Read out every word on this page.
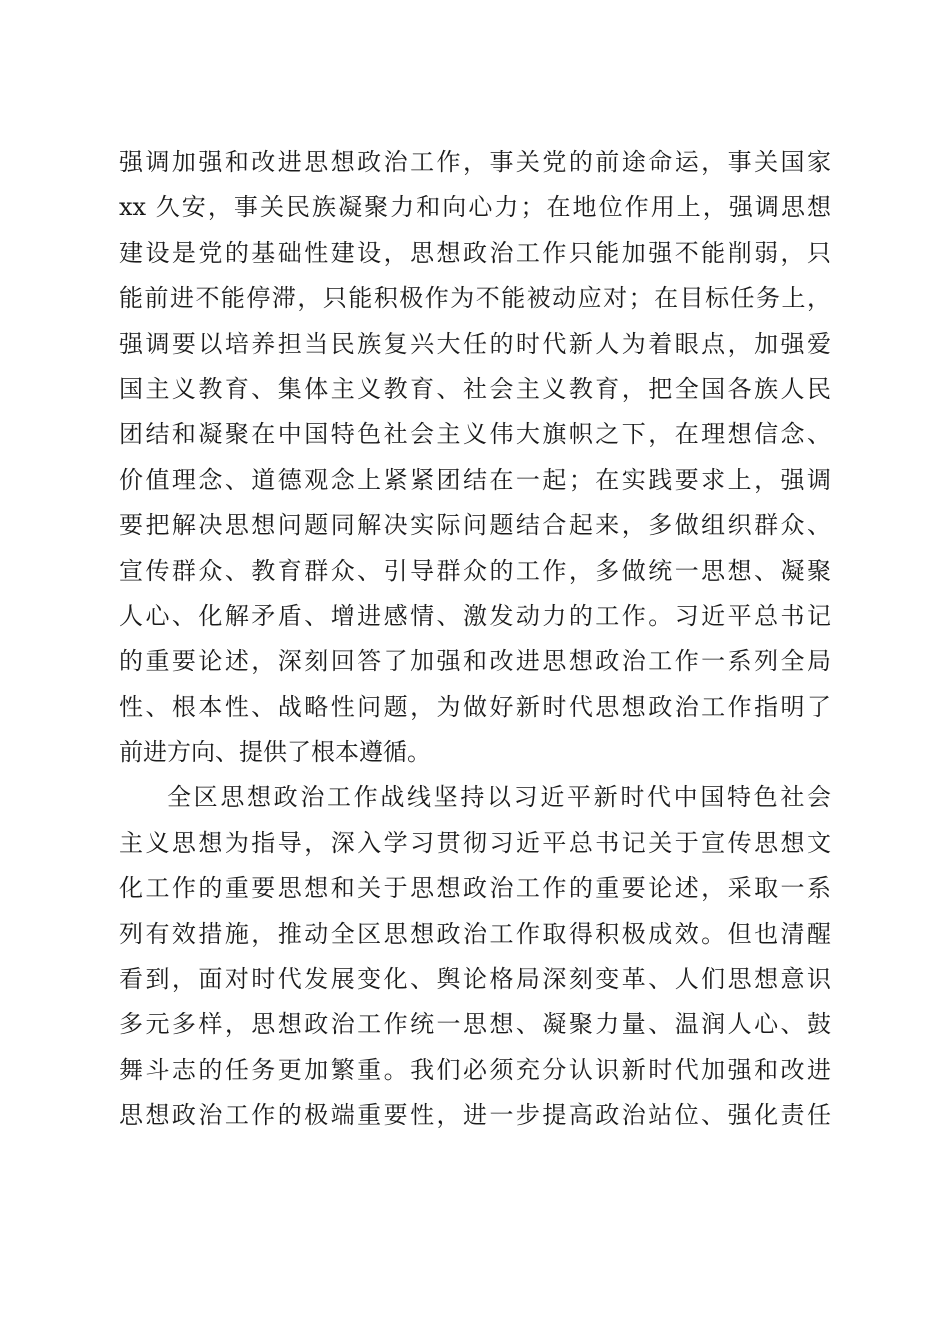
强调加强和改进思想政治工作，事关党的前途命运，事关国家
xx 久安，事关民族凝聚力和向心力；在地位作用上，强调思想
建设是党的基础性建设，思想政治工作只能加强不能削弱，只
能前进不能停滞，只能积极作为不能被动应对；在目标任务上，
强调要以培养担当民族复兴大任的时代新人为着眼点，加强爱
国主义教育、集体主义教育、社会主义教育，把全国各族人民
团结和凝聚在中国特色社会主义伟大旗帜之下，在理想信念、
价值理念、道德观念上紧紧团结在一起；在实践要求上，强调
要把解决思想问题同解决实际问题结合起来，多做组织群众、
宣传群众、教育群众、引导群众的工作，多做统一思想、凝聚
人心、化解矛盾、增进感情、激发动力的工作。习近平总书记
的重要论述，深刻回答了加强和改进思想政治工作一系列全局
性、根本性、战略性问题，为做好新时代思想政治工作指明了
前进方向、提供了根本遵循。
全区思想政治工作战线坚持以习近平新时代中国特色社会
主义思想为指导，深入学习贯彻习近平总书记关于宣传思想文
化工作的重要思想和关于思想政治工作的重要论述，采取一系
列有效措施，推动全区思想政治工作取得积极成效。但也清醒
看到，面对时代发展变化、舆论格局深刻变革、人们思想意识
多元多样，思想政治工作统一思想、凝聚力量、温润人心、鼓
舞斗志的任务更加繁重。我们必须充分认识新时代加强和改进
思想政治工作的极端重要性，进一步提高政治站位、强化责任
